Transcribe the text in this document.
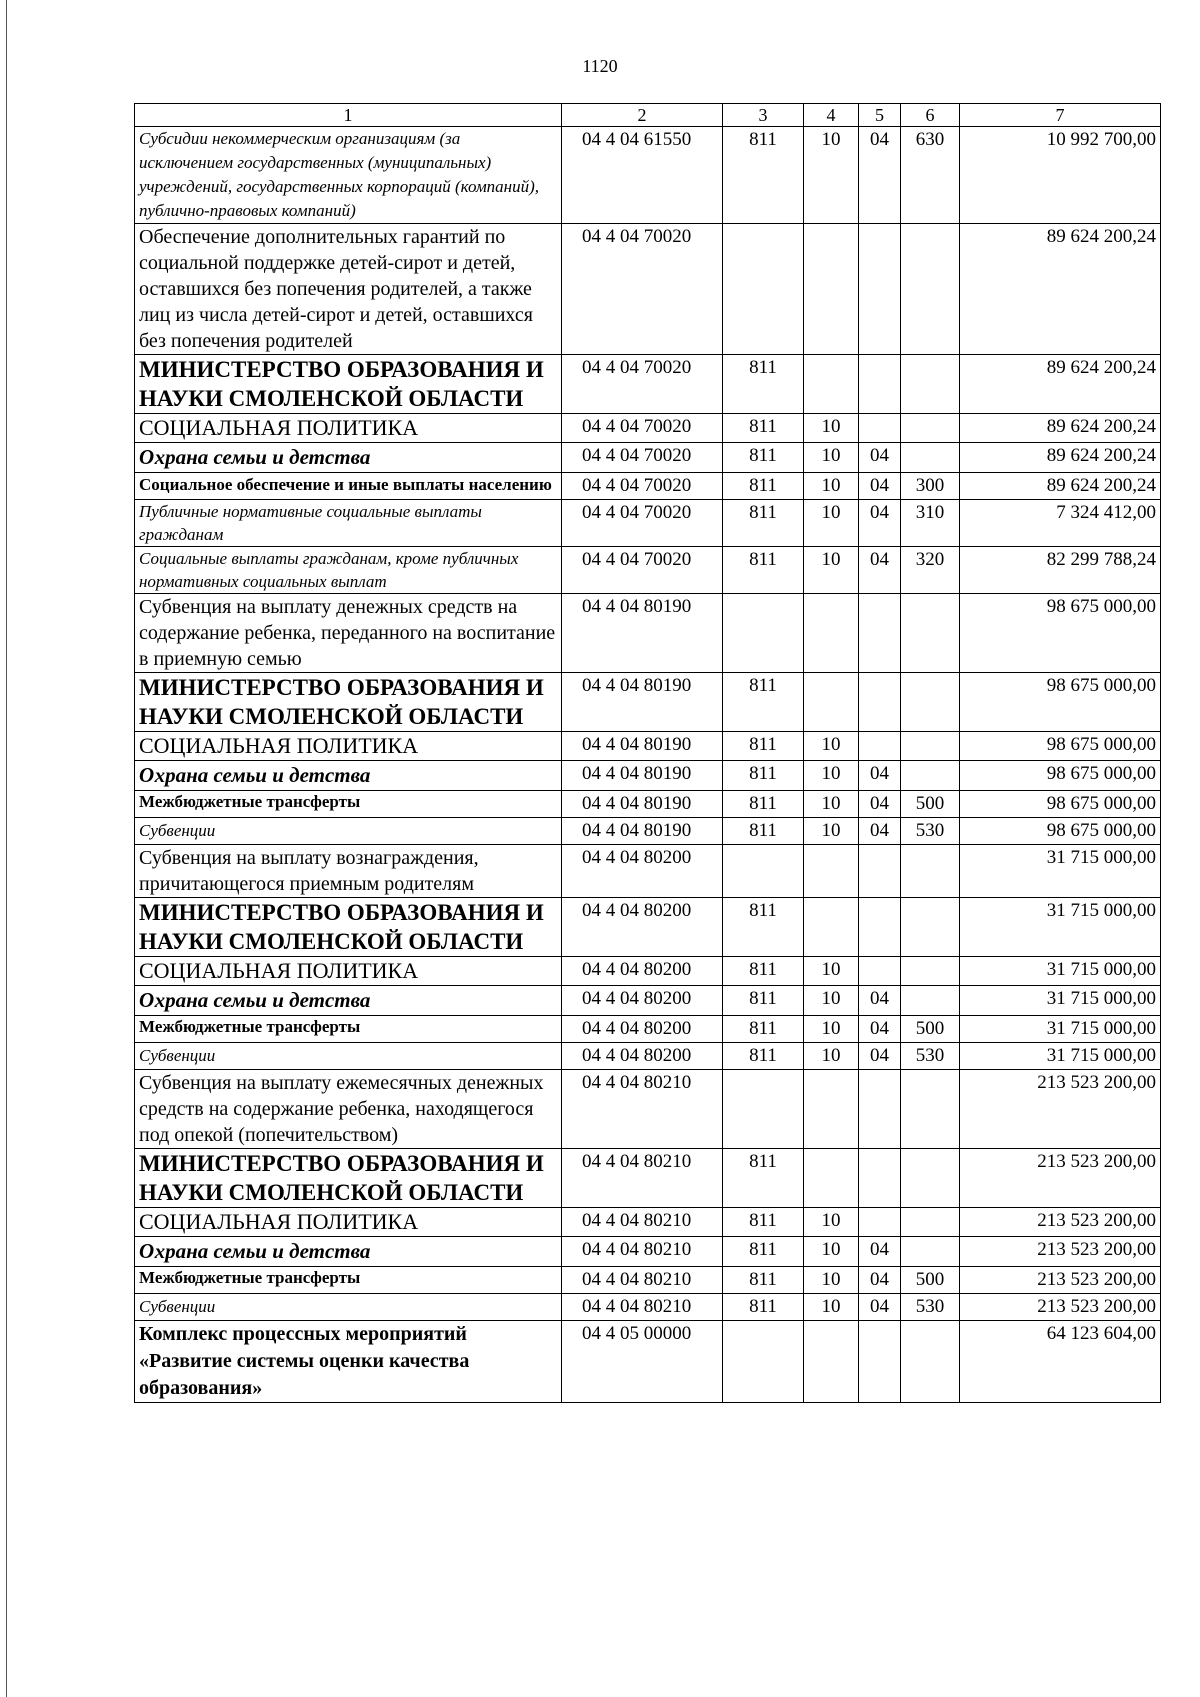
1120
1	2	3	4	5	6	7
Субсидии некоммерческим организациям (за исключением государственных (муниципальных) учреждений, государственных корпораций (компаний), публично-правовых компаний)	04 4 04 61550	811	10	04	630	10 992 700,00
Обеспечение дополнительных гарантий по социальной поддержке детей-сирот и детей, оставшихся без попечения родителей, а также лиц из числа детей-сирот и детей, оставшихся без попечения родителей	04 4 04 70020					89 624 200,24
МИНИСТЕРСТВО ОБРАЗОВАНИЯ И НАУКИ СМОЛЕНСКОЙ ОБЛАСТИ	04 4 04 70020	811				89 624 200,24
СОЦИАЛЬНАЯ ПОЛИТИКА	04 4 04 70020	811	10			89 624 200,24
Охрана семьи и детства	04 4 04 70020	811	10	04		89 624 200,24
Социальное обеспечение и иные выплаты населению	04 4 04 70020	811	10	04	300	89 624 200,24
Публичные нормативные социальные выплаты гражданам	04 4 04 70020	811	10	04	310	7 324 412,00
Социальные выплаты гражданам, кроме публичных нормативных социальных выплат	04 4 04 70020	811	10	04	320	82 299 788,24
Субвенция на выплату денежных средств на содержание ребенка, переданного на воспитание в приемную семью	04 4 04 80190					98 675 000,00
МИНИСТЕРСТВО ОБРАЗОВАНИЯ И НАУКИ СМОЛЕНСКОЙ ОБЛАСТИ	04 4 04 80190	811				98 675 000,00
СОЦИАЛЬНАЯ ПОЛИТИКА	04 4 04 80190	811	10			98 675 000,00
Охрана семьи и детства	04 4 04 80190	811	10	04		98 675 000,00
Межбюджетные трансферты	04 4 04 80190	811	10	04	500	98 675 000,00
Субвенции	04 4 04 80190	811	10	04	530	98 675 000,00
Субвенция на выплату вознаграждения, причитающегося приемным родителям	04 4 04 80200					31 715 000,00
МИНИСТЕРСТВО ОБРАЗОВАНИЯ И НАУКИ СМОЛЕНСКОЙ ОБЛАСТИ	04 4 04 80200	811				31 715 000,00
СОЦИАЛЬНАЯ ПОЛИТИКА	04 4 04 80200	811	10			31 715 000,00
Охрана семьи и детства	04 4 04 80200	811	10	04		31 715 000,00
Межбюджетные трансферты	04 4 04 80200	811	10	04	500	31 715 000,00
Субвенции	04 4 04 80200	811	10	04	530	31 715 000,00
Субвенция на выплату ежемесячных денежных средств на содержание ребенка, находящегося под опекой (попечительством)	04 4 04 80210					213 523 200,00
МИНИСТЕРСТВО ОБРАЗОВАНИЯ И НАУКИ СМОЛЕНСКОЙ ОБЛАСТИ	04 4 04 80210	811				213 523 200,00
СОЦИАЛЬНАЯ ПОЛИТИКА	04 4 04 80210	811	10			213 523 200,00
Охрана семьи и детства	04 4 04 80210	811	10	04		213 523 200,00
Межбюджетные трансферты	04 4 04 80210	811	10	04	500	213 523 200,00
Субвенции	04 4 04 80210	811	10	04	530	213 523 200,00
Комплекс процессных мероприятий «Развитие системы оценки качества образования»	04 4 05 00000					64 123 604,00
